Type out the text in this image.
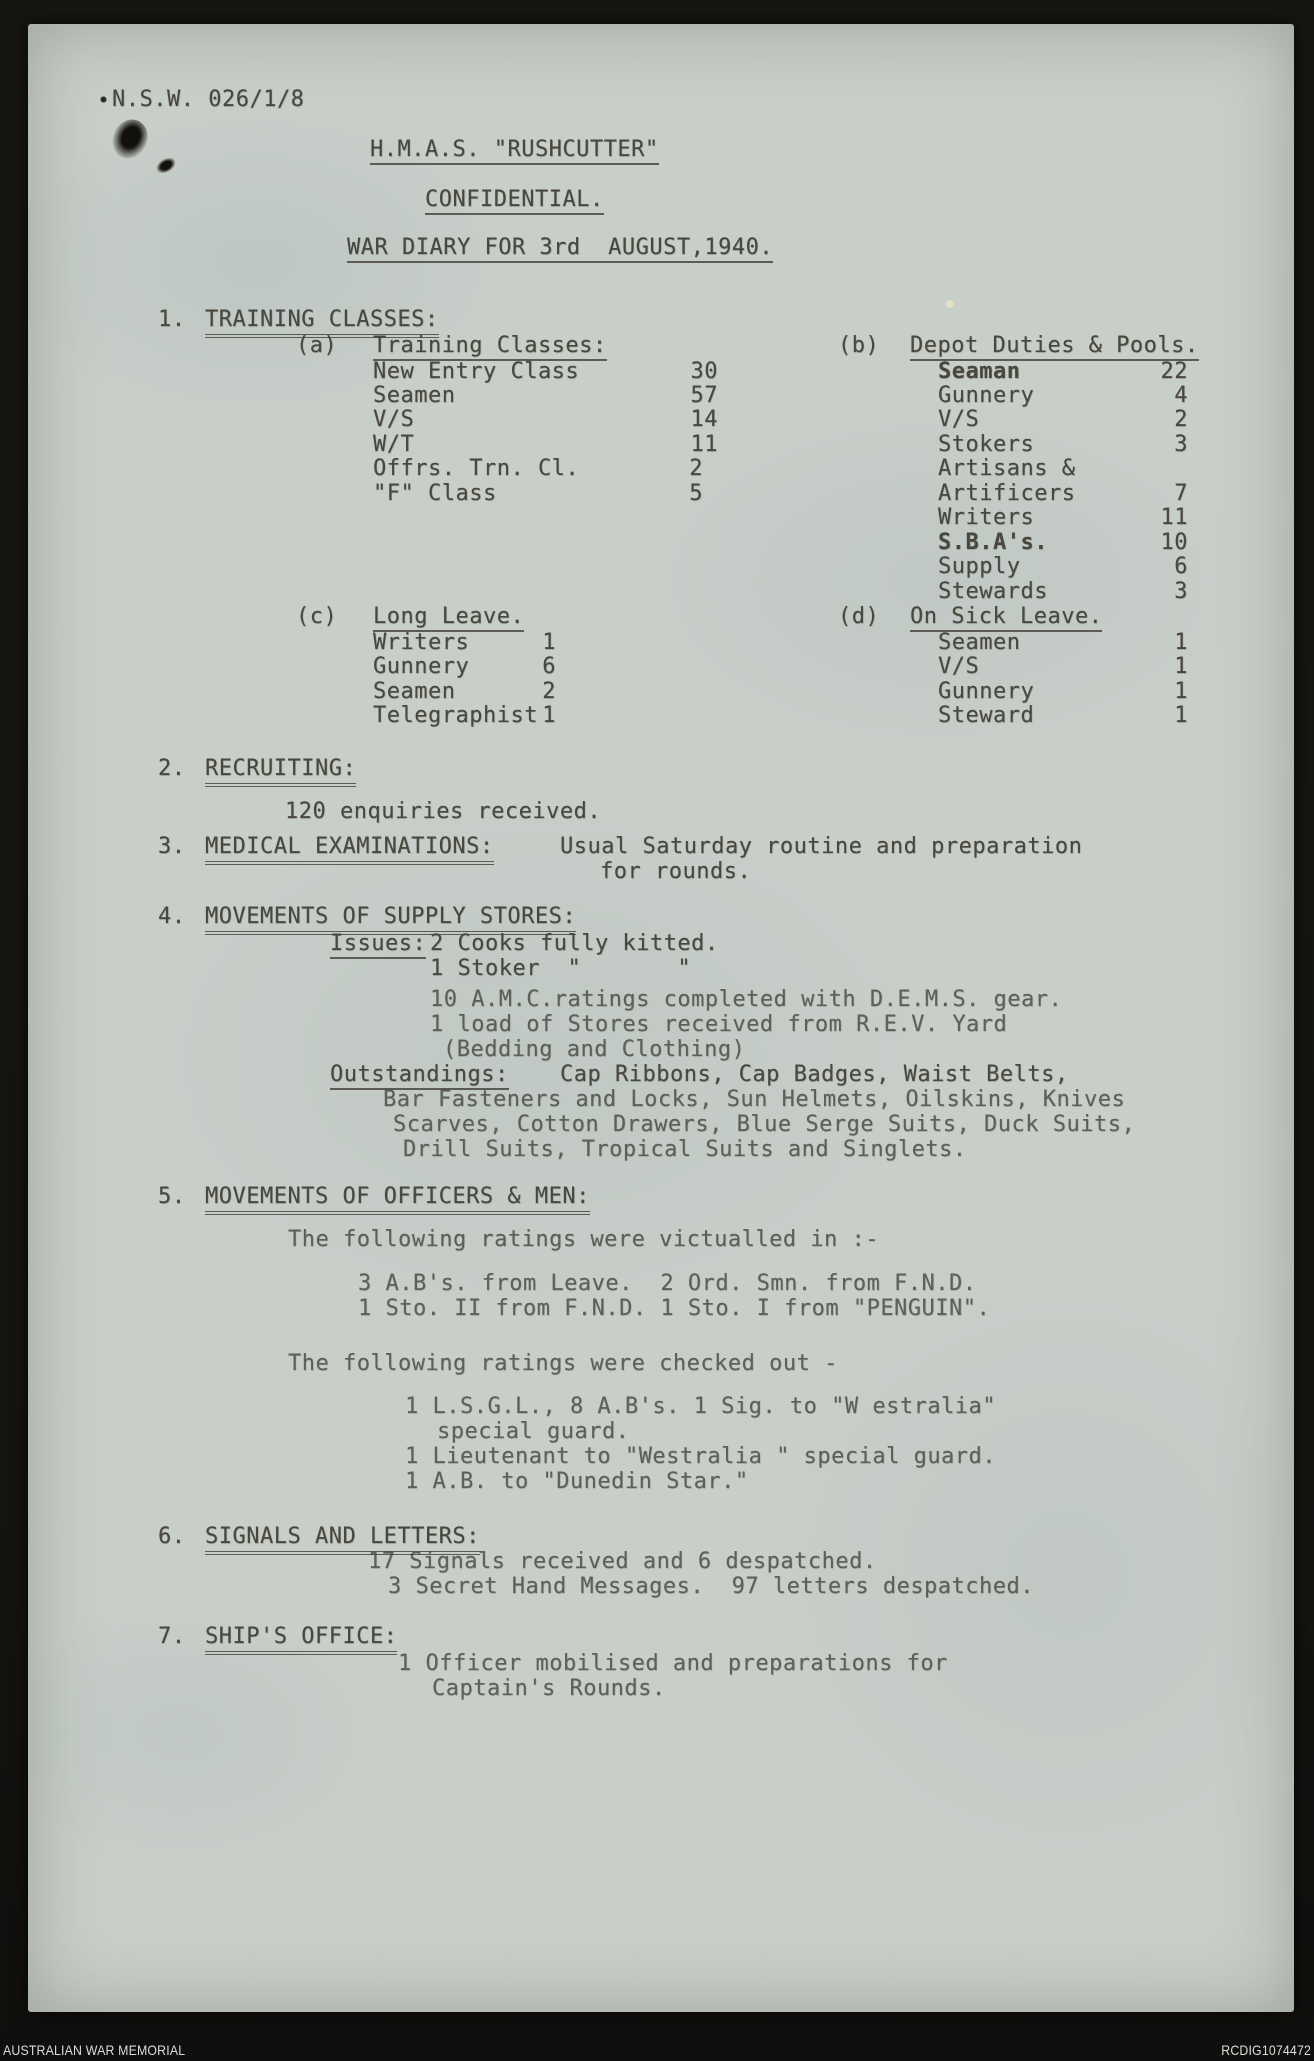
N.S.W. 026/1/8
H.M.A.S. "RUSHCUTTER"
CONFIDENTIAL.
WAR DIARY FOR 3rd  AUGUST,1940.
1. TRAINING CLASSES:
(a) Training Classes:
New Entry Class	30
Seamen	57
V/S	14
W/T	11
Offrs. Trn. Cl.	2
"F" Class	5
(b) Depot Duties & Pools.
Seaman	22
Gunnery	4
V/S	2
Stokers	3
Artisans &
Artificers	7
Writers	11
S.B.A's.	10
Supply	6
Stewards	3
(c) Long Leave.
Writers	1
Gunnery	6
Seamen	2
Telegraphist 1
(d) On Sick Leave.
Seamen	1
V/S	1
Gunnery	1
Steward	1
2. RECRUITING:
120 enquiries received.
3. MEDICAL EXAMINATIONS:	Usual Saturday routine and preparation
for rounds.
4. MOVEMENTS OF SUPPLY STORES:
Issues: 2 Cooks fully kitted.
1 Stoker  "       "
10 A.M.C.ratings completed with D.E.M.S. gear.
1 load of Stores received from R.E.V. Yard
(Bedding and Clothing)
Outstandings: Cap Ribbons, Cap Badges, Waist Belts,
Bar Fasteners and Locks, Sun Helmets, Oilskins, Knives
Scarves, Cotton Drawers, Blue Serge Suits, Duck Suits,
Drill Suits, Tropical Suits and Singlets.
5. MOVEMENTS OF OFFICERS & MEN:
The following ratings were victualled in :-
3 A.B's. from Leave.  2 Ord. Smn. from F.N.D.
1 Sto. II from F.N.D. 1 Sto. I from "PENGUIN".
The following ratings were checked out -
1 L.S.G.L., 8 A.B's. 1 Sig. to "W estralia"
special guard.
1 Lieutenant to "Westralia " special guard.
1 A.B. to "Dunedin Star."
6. SIGNALS AND LETTERS:
17 Signals received and 6 despatched.
3 Secret Hand Messages.  97 letters despatched.
7. SHIP'S OFFICE:
1 Officer mobilised and preparations for
Captain's Rounds.
AUSTRALIAN WAR MEMORIAL	RCDIG1074472
